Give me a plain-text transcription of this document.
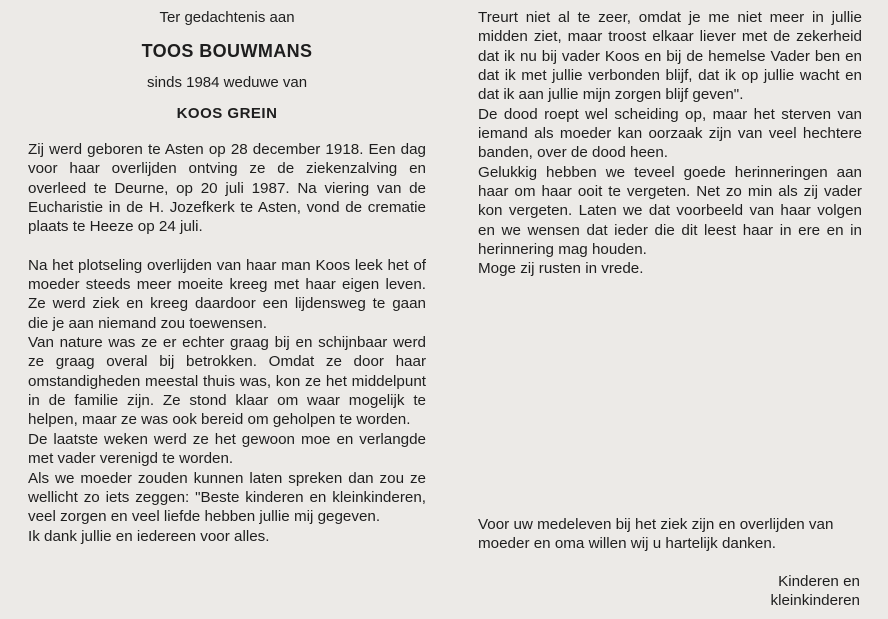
Ter gedachtenis aan

TOOS BOUWMANS

sinds 1984 weduwe van

KOOS GREIN

Zij werd geboren te Asten op 28 december 1918. Een dag voor haar overlijden ontving ze de ziekenzalving en overleed te Deurne, op 20 juli 1987. Na viering van de Eucharistie in de H. Jozefkerk te Asten, vond de crematie plaats te Heeze op 24 juli.

Na het plotseling overlijden van haar man Koos leek het of moeder steeds meer moeite kreeg met haar eigen leven. Ze werd ziek en kreeg daardoor een lijdensweg te gaan die je aan niemand zou toewensen.

Van nature was ze er echter graag bij en schijnbaar werd ze graag overal bij betrokken. Omdat ze door haar omstandigheden meestal thuis was, kon ze het middelpunt in de familie zijn. Ze stond klaar om waar mogelijk te helpen, maar ze was ook bereid om geholpen te worden.

De laatste weken werd ze het gewoon moe en verlangde met vader verenigd te worden.

Als we moeder zouden kunnen laten spreken dan zou ze wellicht zo iets zeggen: "Beste kinderen en kleinkinderen, veel zorgen en veel liefde hebben jullie mij gegeven.

Ik dank jullie en iedereen voor alles.

Treurt niet al te zeer, omdat je me niet meer in jullie midden ziet, maar troost elkaar liever met de zekerheid dat ik nu bij vader Koos en bij de hemelse Vader ben en dat ik met jullie verbonden blijf, dat ik op jullie wacht en dat ik aan jullie mijn zorgen blijf geven".

De dood roept wel scheiding op, maar het sterven van iemand als moeder kan oorzaak zijn van veel hechtere banden, over de dood heen.

Gelukkig hebben we teveel goede herinneringen aan haar om haar ooit te vergeten. Net zo min als zij vader kon vergeten. Laten we dat voorbeeld van haar volgen en we wensen dat ieder die dit leest haar in ere en in herinnering mag houden.

Moge zij rusten in vrede.

Voor uw medeleven bij het ziek zijn en overlijden van moeder en oma willen wij u hartelijk danken.

Kinderen en
kleinkinderen
